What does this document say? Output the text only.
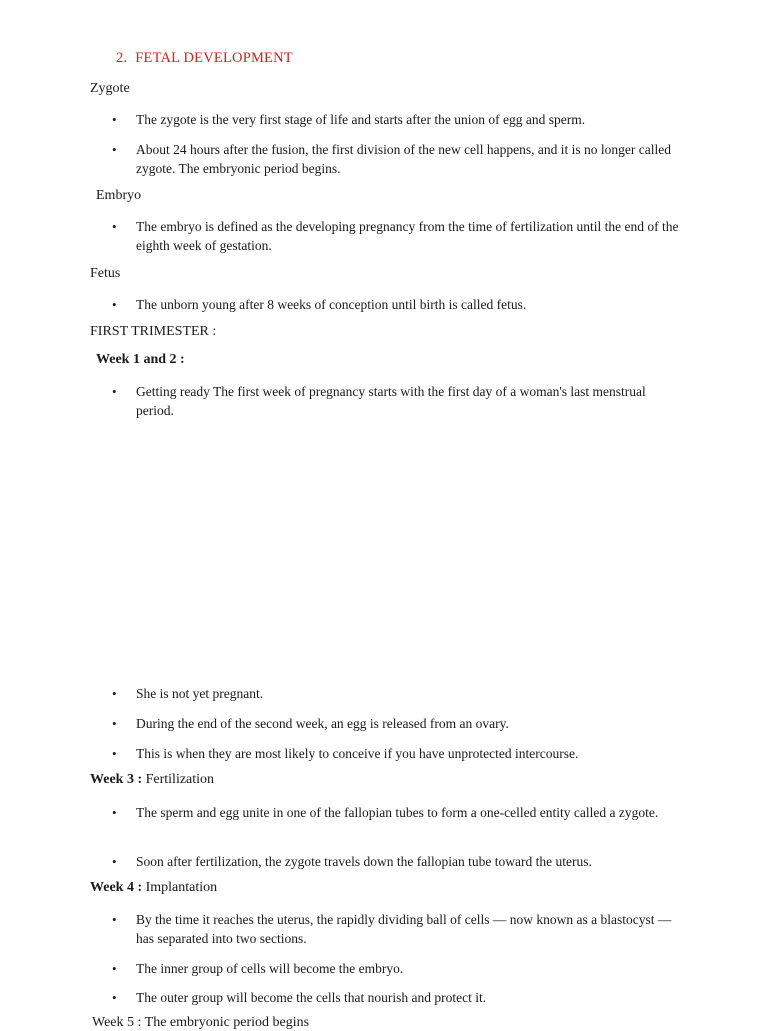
2. FETAL DEVELOPMENT
Zygote
• The zygote is the very first stage of life and starts after the union of egg and sperm.
• About 24 hours after the fusion, the first division of the new cell happens, and it is no longer called zygote. The embryonic period begins.
Embryo
• The embryo is defined as the developing pregnancy from the time of fertilization until the end of the eighth week of gestation.
Fetus
• The unborn young after 8 weeks of conception until birth is called fetus.
FIRST TRIMESTER :
Week 1 and 2 :
• Getting ready The first week of pregnancy starts with the first day of a woman's last menstrual period.
• She is not yet pregnant.
• During the end of the second week, an egg is released from an ovary.
• This is when they are most likely to conceive if you have unprotected intercourse.
Week 3 : Fertilization
• The sperm and egg unite in one of the fallopian tubes to form a one-celled entity called a zygote.
• Soon after fertilization, the zygote travels down the fallopian tube toward the uterus.
Week 4 : Implantation
• By the time it reaches the uterus, the rapidly dividing ball of cells — now known as a blastocyst — has separated into two sections.
• The inner group of cells will become the embryo.
• The outer group will become the cells that nourish and protect it.
Week 5 : The embryonic period begins
